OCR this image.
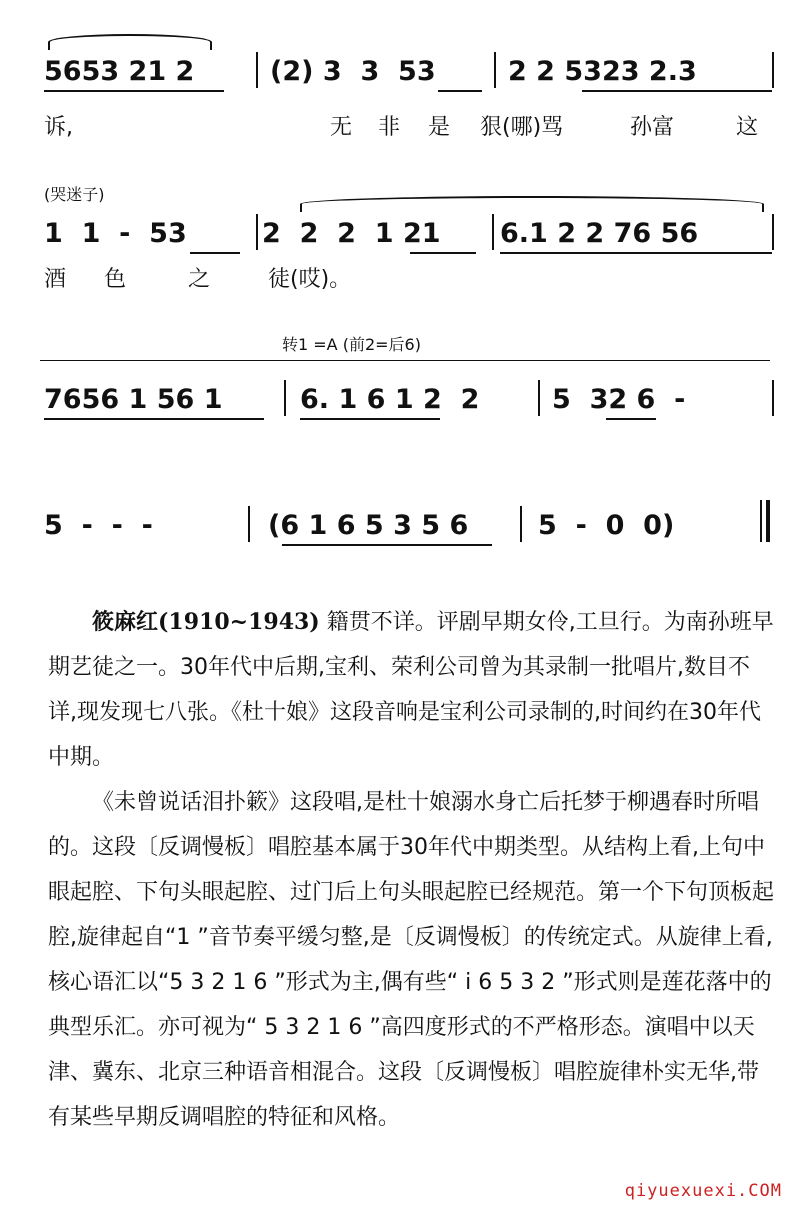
5653 21 2	(2) 3  3  53	2 2 5323 2.3
诉,	无 非 是 狠(哪)骂	孙富	这
(哭迷子)
1  1  -  53	2  2  2  1 21 6.1 2 2 76 56
酒 色	之	徒(哎)。
转1 =A (前2=后6)
7656 1 56 1	6. 1 6 1 2  2	5  32 6  -
5  -  -  -	(6 1 6 5 3 5 6	5  -  0  0)

筱麻红(1910~1943) 籍贯不详。评剧早期女伶,工旦行。为南孙班早期艺徒之一。30年代中后期,宝利、荣利公司曾为其录制一批唱片,数目不详,现发现七八张。《杜十娘》这段音响是宝利公司录制的,时间约在30年代中期。

《未曾说话泪扑簌》这段唱,是杜十娘溺水身亡后托梦于柳遇春时所唱的。这段〔反调慢板〕唱腔基本属于30年代中期类型。从结构上看,上句中眼起腔、下句头眼起腔、过门后上句头眼起腔已经规范。第一个下句顶板起腔,旋律起自“1 ”音节奏平缓匀整,是〔反调慢板〕的传统定式。从旋律上看,核心语汇以“5 3 2 1 6 ”形式为主,偶有些“ i 6 5 3 2 ”形式则是莲花落中的典型乐汇。亦可视为“ 5 3 2 1 6 ”高四度形式的不严格形态。演唱中以天津、冀东、北京三种语音相混合。这段〔反调慢板〕唱腔旋律朴实无华,带有某些早期反调唱腔的特征和风格。

qiyuexuexi.COM
